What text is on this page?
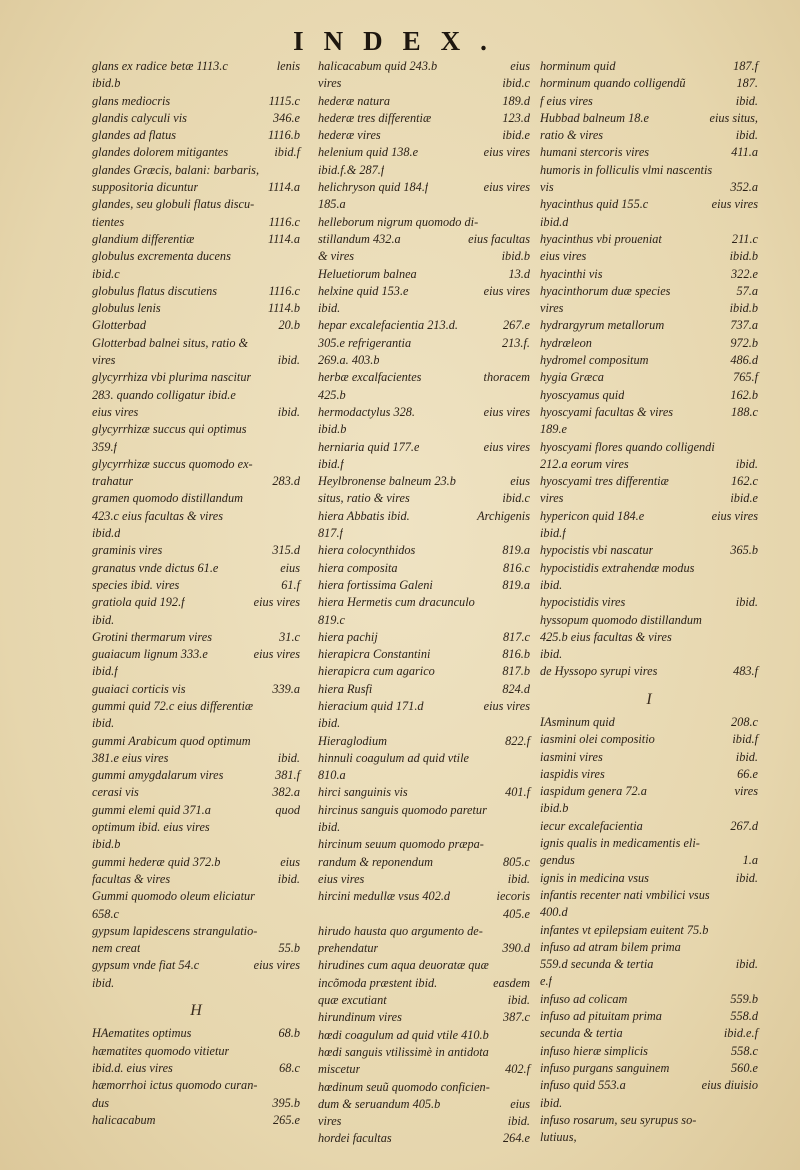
INDEX.
glans ex radice betæ 1113.c	lenis
ibid.b
glans mediocris	1115.c
glandis calyculi vis	346.e
glandes ad flatus	1116.b
glandes dolorem mitigantes	ibid.f
glandes Græcis, balani: barbaris,
suppositoria dicuntur	1114.a
glandes, seu globuli flatus discu-
tientes	1116.c
glandium differentiæ	1114.a
globulus excrementa ducens
ibid.c
globulus flatus discutiens	1116.c
globulus lenis	1114.b
Glotterbad	20.b
Glotterbad balnei situs, ratio &
vires	ibid.
glycyrrhiza vbi plurima nascitur
283. quando colligatur ibid.e
eius vires	ibid.
glycyrrhizæ succus qui optimus
359.f
glycyrrhizæ succus quomodo ex-
trahatur	283.d
gramen quomodo distillandum
423.c eius facultas & vires
ibid.d
graminis vires	315.d
granatus vnde dictus 61.e	eius
species ibid. vires	61.f
gratiola quid 192.f	eius vires
ibid.
Grotini thermarum vires	31.c
guaiacum lignum 333.e	eius vires
ibid.f
guaiaci corticis vis	339.a
gummi quid 72.c eius differentiæ
ibid.
gummi Arabicum quod optimum
381.e eius vires	ibid.
gummi amygdalarum vires	381.f
cerasi vis	382.a
gummi elemi quid 371.a	quod
optimum ibid. eius vires
ibid.b
gummi hederæ quid 372.b	eius
facultas & vires	ibid.
Gummi quomodo oleum eliciatur
658.c
gypsum lapidescens strangulatio-
nem creat	55.b
gypsum vnde fiat 54.c	eius vires
ibid.
H
HAematites optimus	68.b
hæmatites quomodo vitietur
ibid.d. eius vires	68.c
hæmorrhoi ictus quomodo curan-
dus	395.b
halicacabum	265.e
halicacabum quid 243.b	eius
vires	ibid.c
hederæ natura	189.d
hederæ tres differentiæ	123.d
hederæ vires	ibid.e
helenium quid 138.e	eius vires
ibid.f.& 287.f
helichryson quid 184.f	eius vires
185.a
helleborum nigrum quomodo di-
stillandum 432.a	eius facultas
& vires	ibid.b
Heluetiorum balnea	13.d
helxine quid 153.e	eius vires
ibid.
hepar excalefacientia 213.d.	267.e
305.e refrigerantia	213.f.
269.a. 403.b
herbæ excalfacientes	thoracem
425.b
hermodactylus 328.	eius vires
ibid.b
herniaria quid 177.e	eius vires
ibid.f
Heylbronense balneum 23.b	eius
situs, ratio & vires	ibid.c
hiera Abbatis ibid.	Archigenis
817.f
hiera colocynthidos	819.a
hiera composita	816.c
hiera fortissima Galeni	819.a
hiera Hermetis cum dracunculo
819.c
hiera pachij	817.c
hierapicra Constantini	816.b
hierapicra cum agarico	817.b
hiera Rusfi	824.d
hieracium quid 171.d	eius vires
ibid.
Hieraglodium	822.f
hinnuli coagulum ad quid vtile
810.a
hirci sanguinis vis	401.f
hircinus sanguis quomodo paretur
ibid.
hircinum seuum quomodo præpa-
randum & reponendum	805.c
eius vires	ibid.
hircini medullæ vsus 402.d	iecoris
405.e
hirudo hausta quo argumento de-
prehendatur	390.d
hirudines cum aqua deuoratæ quæ
incõmoda præstent ibid.	easdem
quæ excutiant	ibid.
hirundinum vires	387.c
hœdi coagulum ad quid vtile 410.b
hœdi sanguis vtilissimè in antidota
miscetur	402.f
hœdinum seuũ quomodo conficien-
dum & seruandum 405.b	eius
vires	ibid.
hordei facultas	264.e
horminum quid	187.f
horminum quando colligendũ	187.
f eius vires	ibid.
Hubbad balneum 18.e	eius situs,
ratio & vires	ibid.
humani stercoris vires	411.a
humoris in folliculis vlmi nascentis
vis	352.a
hyacinthus quid 155.c	eius vires
ibid.d
hyacinthus vbi proueniat	211.c
eius vires	ibid.b
hyacinthi vis	322.e
hyacinthorum duæ species	57.a
vires	ibid.b
hydrargyrum metallorum	737.a
hydræleon	972.b
hydromel compositum	486.d
hygia Græca	765.f
hyoscyamus quid	162.b
hyoscyami facultas & vires	188.c
189.e
hyoscyami flores quando colligendi
212.a eorum vires	ibid.
hyoscyami tres differentiæ	162.c
vires	ibid.e
hypericon quid 184.e	eius vires
ibid.f
hypocistis vbi nascatur	365.b
hypocistidis extrahendæ modus
ibid.
hypocistidis vires	ibid.
hyssopum quomodo distillandum
425.b eius facultas & vires
ibid.
de Hyssopo syrupi vires	483.f
I
IAsminum quid	208.c
iasmini olei compositio	ibid.f
iasmini vires	ibid.
iaspidis vires	66.e
iaspidum genera 72.a	vires
ibid.b
iecur excalefacientia	267.d
ignis qualis in medicamentis eli-
gendus	1.a
ignis in medicina vsus	ibid.
infantis recenter nati vmbilici vsus
400.d
infantes vt epilepsiam euitent 75.b
infuso ad atram bilem prima
559.d secunda & tertia	ibid.
e.f
infuso ad colicam	559.b
infuso ad pituitam prima	558.d
secunda & tertia	ibid.e.f
infuso hieræ simplicis	558.c
infuso purgans sanguinem	560.e
infuso quid 553.a	eius diuisio
ibid.
infuso rosarum, seu syrupus so-
lutiuus,
